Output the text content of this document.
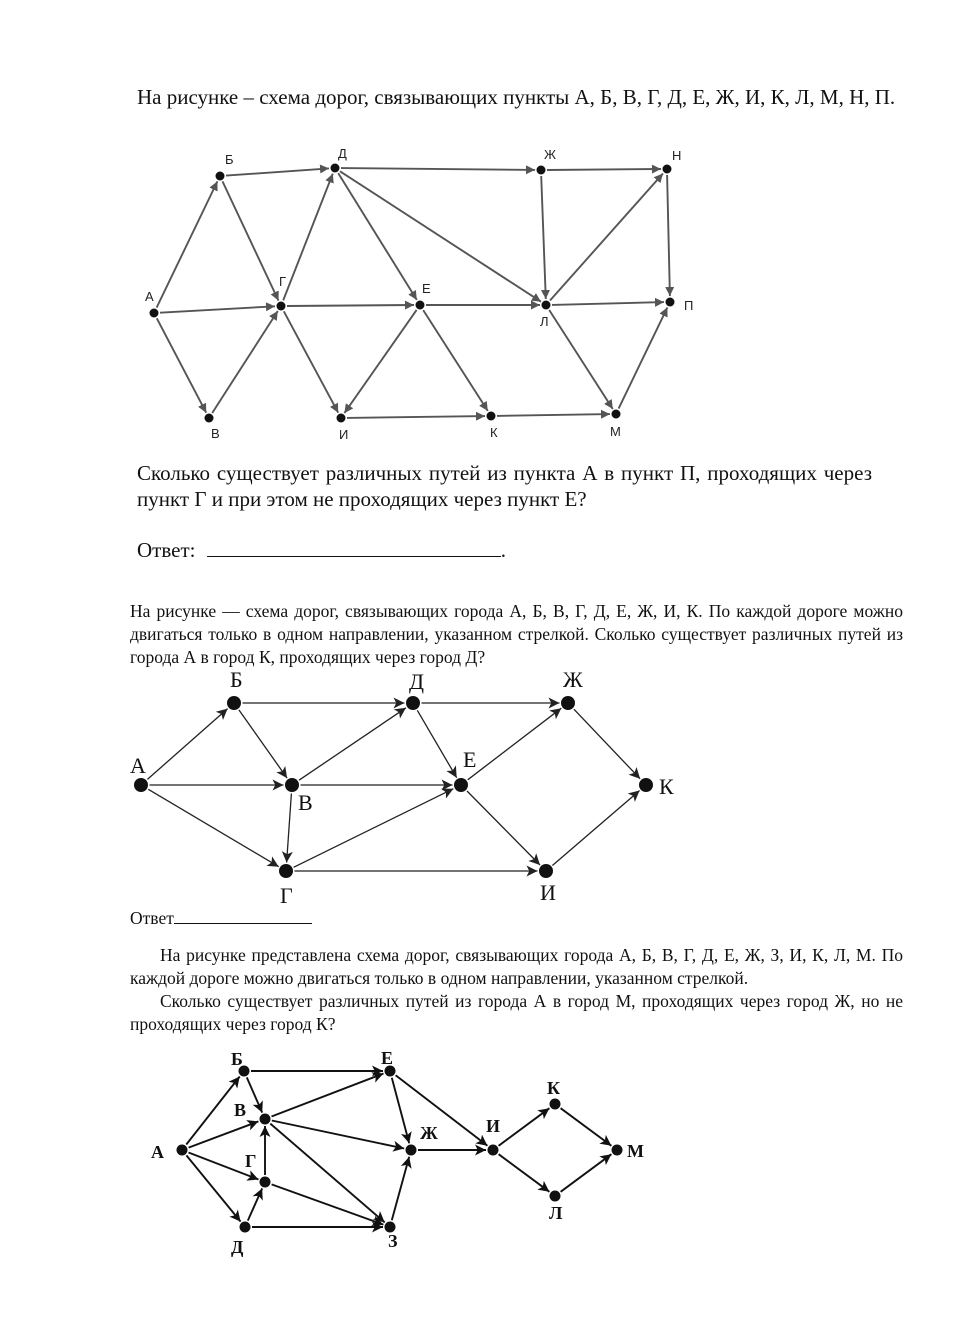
На рисунке – схема дорог, связывающих пункты А, Б, В, Г, Д, Е, Ж, И, К, Л, М, Н, П.
А
Б
В
Г
Д
Е
Ж
И	К
Л
М
Н
П
А
Б
В
Г
Д
Е
Ж
И
К
А
Б
В
Г
Д
Е
Ж
З
И
К
Л
М
Сколько существует различных путей из пункта А в пункт П, проходящих через пункт Г и при этом не проходящих через пункт Е?
Ответ:	.
На рисунке — схема дорог, связывающих города А, Б, В, Г, Д, Е, Ж, И, К. По каждой дороге можно двигаться только в одном направлении, указанном стрелкой. Сколько существует различных путей из города А в город К, проходящих через город Д?
Ответ
На рисунке представлена схема дорог, связывающих города А, Б, В, Г, Д, Е, Ж, З, И, К, Л, М. По каждой дороге можно двигаться только в одном направлении, указанном стрелкой.
Сколько существует различных путей из города А в город М, проходящих через город Ж, но не проходящих через город К?
